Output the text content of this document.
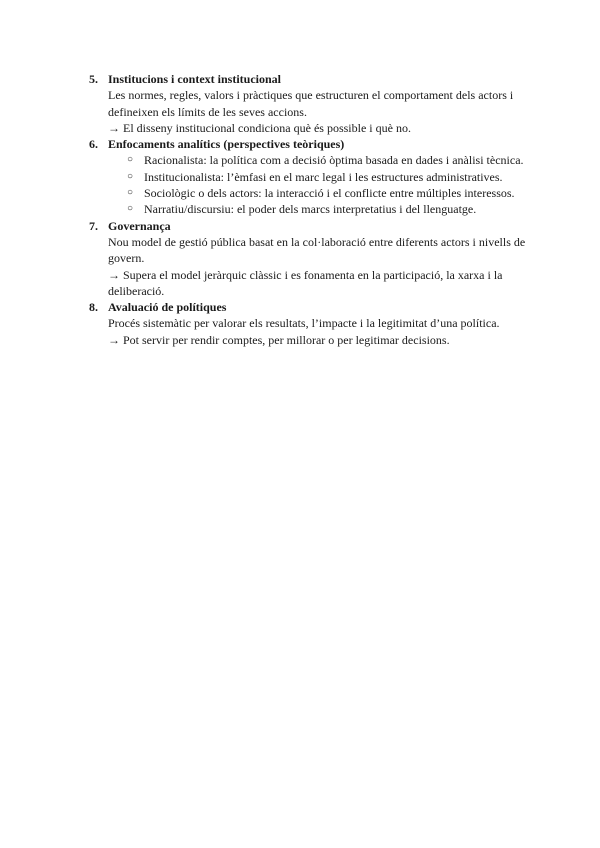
5. Institucions i context institucional

Les normes, regles, valors i pràctiques que estructuren el comportament dels actors i defineixen els límits de les seves accions.

→ El disseny institucional condiciona què és possible i què no.

6. Enfocaments analítics (perspectives teòriques)
○ Racionalista: la política com a decisió òptima basada en dades i anàlisi tècnica.
○ Institucionalista: l’èmfasi en el marc legal i les estructures administratives.
○ Sociològic o dels actors: la interacció i el conflicte entre múltiples interessos.
○ Narratiu/discursiu: el poder dels marcs interpretatius i del llenguatge.
7. Governança

Nou model de gestió pública basat en la col·laboració entre diferents actors i nivells de govern.

→ Supera el model jeràrquic clàssic i es fonamenta en la participació, la xarxa i la deliberació.

8. Avaluació de polítiques

Procés sistemàtic per valorar els resultats, l’impacte i la legitimitat d’una política.

→ Pot servir per rendir comptes, per millorar o per legitimar decisions.
